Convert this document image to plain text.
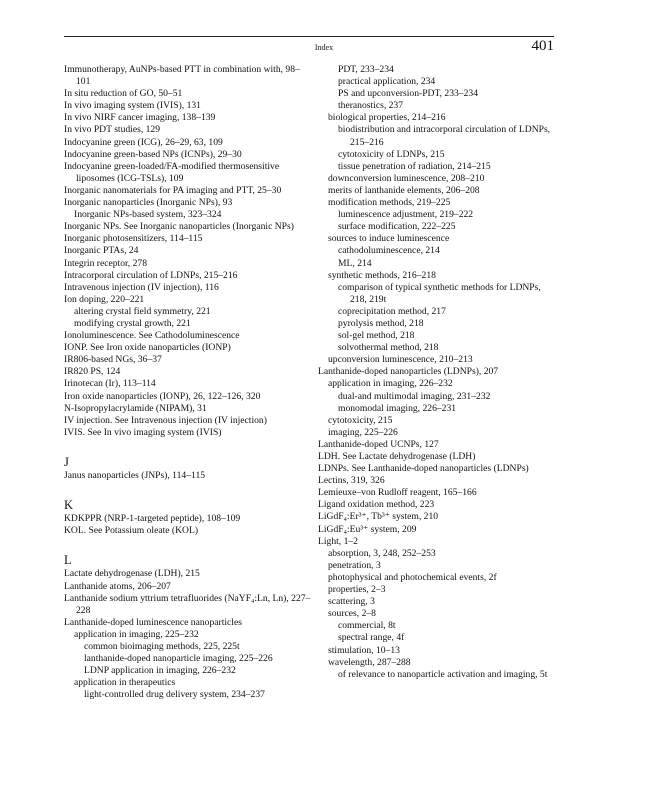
Index	401
Immunotherapy, AuNPs-based PTT in combination with, 98–101
In situ reduction of GO, 50–51
In vivo imaging system (IVIS), 131
In vivo NIRF cancer imaging, 138–139
In vivo PDT studies, 129
Indocyanine green (ICG), 26–29, 63, 109
Indocyanine green-based NPs (ICNPs), 29–30
Indocyanine green-loaded/FA-modified thermosensitive liposomes (ICG-TSLs), 109
Inorganic nanomaterials for PA imaging and PTT, 25–30
Inorganic nanoparticles (Inorganic NPs), 93
Inorganic NPs-based system, 323–324
Inorganic NPs. See Inorganic nanoparticles (Inorganic NPs)
Inorganic photosensitizers, 114–115
Inorganic PTAs, 24
Integrin receptor, 278
Intracorporal circulation of LDNPs, 215–216
Intravenous injection (IV injection), 116
Ion doping, 220–221
altering crystal field symmetry, 221
modifying crystal growth, 221
Ionoluminescence. See Cathodoluminescence
IONP. See Iron oxide nanoparticles (IONP)
IR806-based NGs, 36–37
IR820 PS, 124
Irinotecan (Ir), 113–114
Iron oxide nanoparticles (IONP), 26, 122–126, 320
N-Isopropylacrylamide (NIPAM), 31
IV injection. See Intravenous injection (IV injection)
IVIS. See In vivo imaging system (IVIS)
J
Janus nanoparticles (JNPs), 114–115
K
KDKPPR (NRP-1-targeted peptide), 108–109
KOL. See Potassium oleate (KOL)
L
Lactate dehydrogenase (LDH), 215
Lanthanide atoms, 206–207
Lanthanide sodium yttrium tetrafluorides (NaYF₄:Ln, Ln), 227–228
Lanthanide-doped luminescence nanoparticles
application in imaging, 225–232
common bioimaging methods, 225, 225t
lanthanide-doped nanoparticle imaging, 225–226
LDNP application in imaging, 226–232
application in therapeutics
light-controlled drug delivery system, 234–237
PDT, 233–234
practical application, 234
PS and upconversion-PDT, 233–234
theranostics, 237
biological properties, 214–216
biodistribution and intracorporal circulation of LDNPs, 215–216
cytotoxicity of LDNPs, 215
tissue penetration of radiation, 214–215
downconversion luminescence, 208–210
merits of lanthanide elements, 206–208
modification methods, 219–225
luminescence adjustment, 219–222
surface modification, 222–225
sources to induce luminescence
cathodoluminescence, 214
ML, 214
synthetic methods, 216–218
comparison of typical synthetic methods for LDNPs, 218, 219t
coprecipitation method, 217
pyrolysis method, 218
sol-gel method, 218
solvothermal method, 218
upconversion luminescence, 210–213
Lanthanide-doped nanoparticles (LDNPs), 207
application in imaging, 226–232
dual-and multimodal imaging, 231–232
monomodal imaging, 226–231
cytotoxicity, 215
imaging, 225–226
Lanthanide-doped UCNPs, 127
LDH. See Lactate dehydrogenase (LDH)
LDNPs. See Lanthanide-doped nanoparticles (LDNPs)
Lectins, 319, 326
Lemieuxe–von Rudloff reagent, 165–166
Ligand oxidation method, 223
LiGdF₄:Er³⁺, Tb³⁺ system, 210
LiGdF₄:Eu³⁺ system, 209
Light, 1–2
absorption, 3, 248, 252–253
penetration, 3
photophysical and photochemical events, 2f
properties, 2–3
scattering, 3
sources, 2–8
commercial, 8t
spectral range, 4f
stimulation, 10–13
wavelength, 287–288
of relevance to nanoparticle activation and imaging, 5t
